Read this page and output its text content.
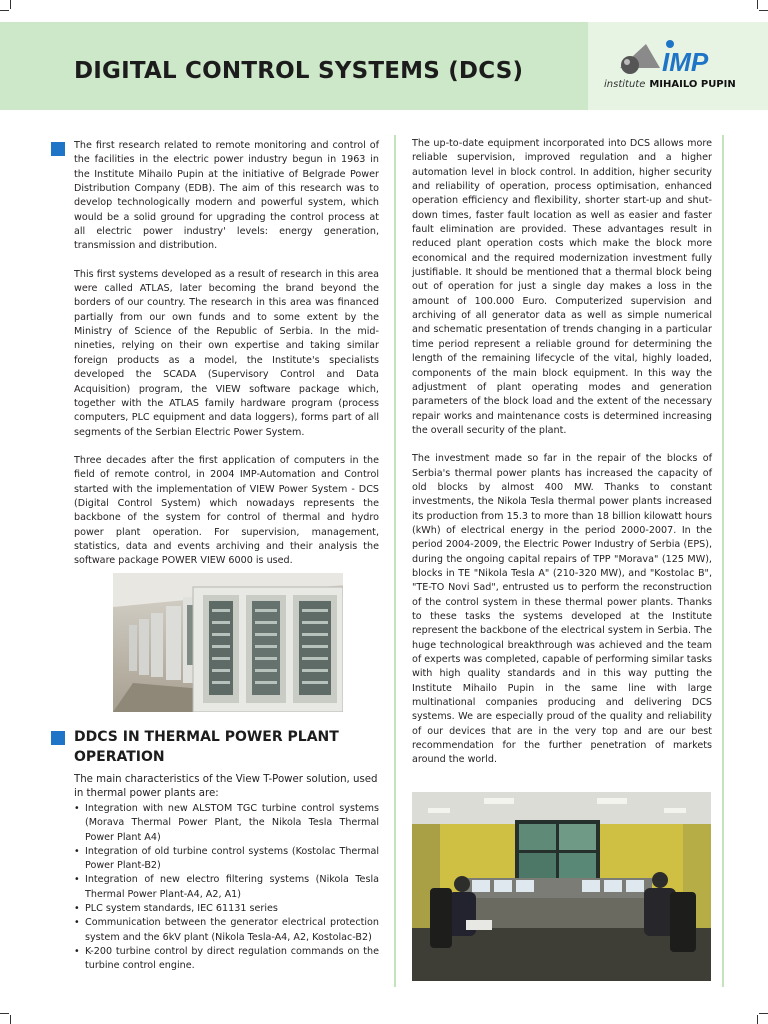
DIGITAL CONTROL SYSTEMS (DCS)	IMP
institute MIHAILO PUPIN

The first research related to remote monitoring and control of the facilities in the electric power industry begun in 1963 in the Institute Mihailo Pupin at the initiative of Belgrade Power Distribution Company (EDB). The aim of this research was to develop technologically modern and powerful system, which would be a solid ground for upgrading the control process at all electric power industry' levels: energy generation, transmission and distribution.

This first systems developed as a result of research in this area were called ATLAS, later becoming the brand beyond the borders of our country. The research in this area was financed partially from our own funds and to some extent by the Ministry of Science of the Republic of Serbia. In the mid-nineties, relying on their own expertise and taking similar foreign products as a model, the Institute's specialists developed the SCADA (Supervisory Control and Data Acquisition) program, the VIEW software package which, together with the ATLAS family hardware program (process computers, PLC equipment and data loggers), forms part of all segments of the Serbian Electric Power System.

Three decades after the first application of computers in the field of remote control, in 2004 IMP-Automation and Control started with the implementation of VIEW Power System - DCS (Digital Control System) which nowadays represents the backbone of the system for control of thermal and hydro power plant operation. For supervision, management, statistics, data and events archiving and their analysis the software package POWER VIEW 6000 is used.

DDCS IN THERMAL POWER PLANT OPERATION

The main characteristics of the View T-Power solution, used in thermal power plants are:

• Integration with new ALSTOM TGC turbine control systems (Morava Thermal Power Plant, the Nikola Tesla Thermal Power Plant A4)
• Integration of old turbine control systems (Kostolac Thermal Power Plant-B2)
• Integration of new electro filtering systems (Nikola Tesla Thermal Power Plant-A4, A2, A1)
• PLC system standards, IEC 61131 series
• Communication between the generator electrical protection system and the 6kV plant (Nikola Tesla-A4, A2, Kostolac-B2)
• K-200 turbine control by direct regulation commands on the turbine control engine.

The up-to-date equipment incorporated into DCS allows more reliable supervision, improved regulation and a higher automation level in block control. In addition, higher security and reliability of operation, process optimisation, enhanced operation efficiency and flexibility, shorter start-up and shut-down times, faster fault location as well as easier and faster fault elimination are provided. These advantages result in reduced plant operation costs which make the block more economical and the required modernization investment fully justifiable. It should be mentioned that a thermal block being out of operation for just a single day makes a loss in the amount of 100.000 Euro. Computerized supervision and archiving of all generator data as well as simple numerical and schematic presentation of trends changing in a particular time period represent a reliable ground for determining the length of the remaining lifecycle of the vital, highly loaded, components of the main block equipment. In this way the adjustment of plant operating modes and generation parameters of the block load and the extent of the necessary repair works and maintenance costs is determined increasing the overall security of the plant.

The investment made so far in the repair of the blocks of Serbia's thermal power plants has increased the capacity of old blocks by almost 400 MW. Thanks to constant investments, the Nikola Tesla thermal power plants increased its production from 15.3 to more than 18 billion kilowatt hours (kWh) of electrical energy in the period 2000-2007. In the period 2004-2009, the Electric Power Industry of Serbia (EPS), during the ongoing capital repairs of TPP "Morava" (125 MW), blocks in TE "Nikola Tesla A" (210-320 MW), and "Kostolac B", "TE-TO Novi Sad", entrusted us to perform the reconstruction of the control system in these thermal power plants. Thanks to these tasks the systems developed at the Institute represent the backbone of the electrical system in Serbia. The huge technological breakthrough was achieved and the team of experts was completed, capable of performing similar tasks with high quality standards and in this way putting the Institute Mihailo Pupin in the same line with large multinational companies producing and delivering DCS systems. We are especially proud of the quality and reliability of our devices that are in the very top and are our best recommendation for the further penetration of markets around the world.
